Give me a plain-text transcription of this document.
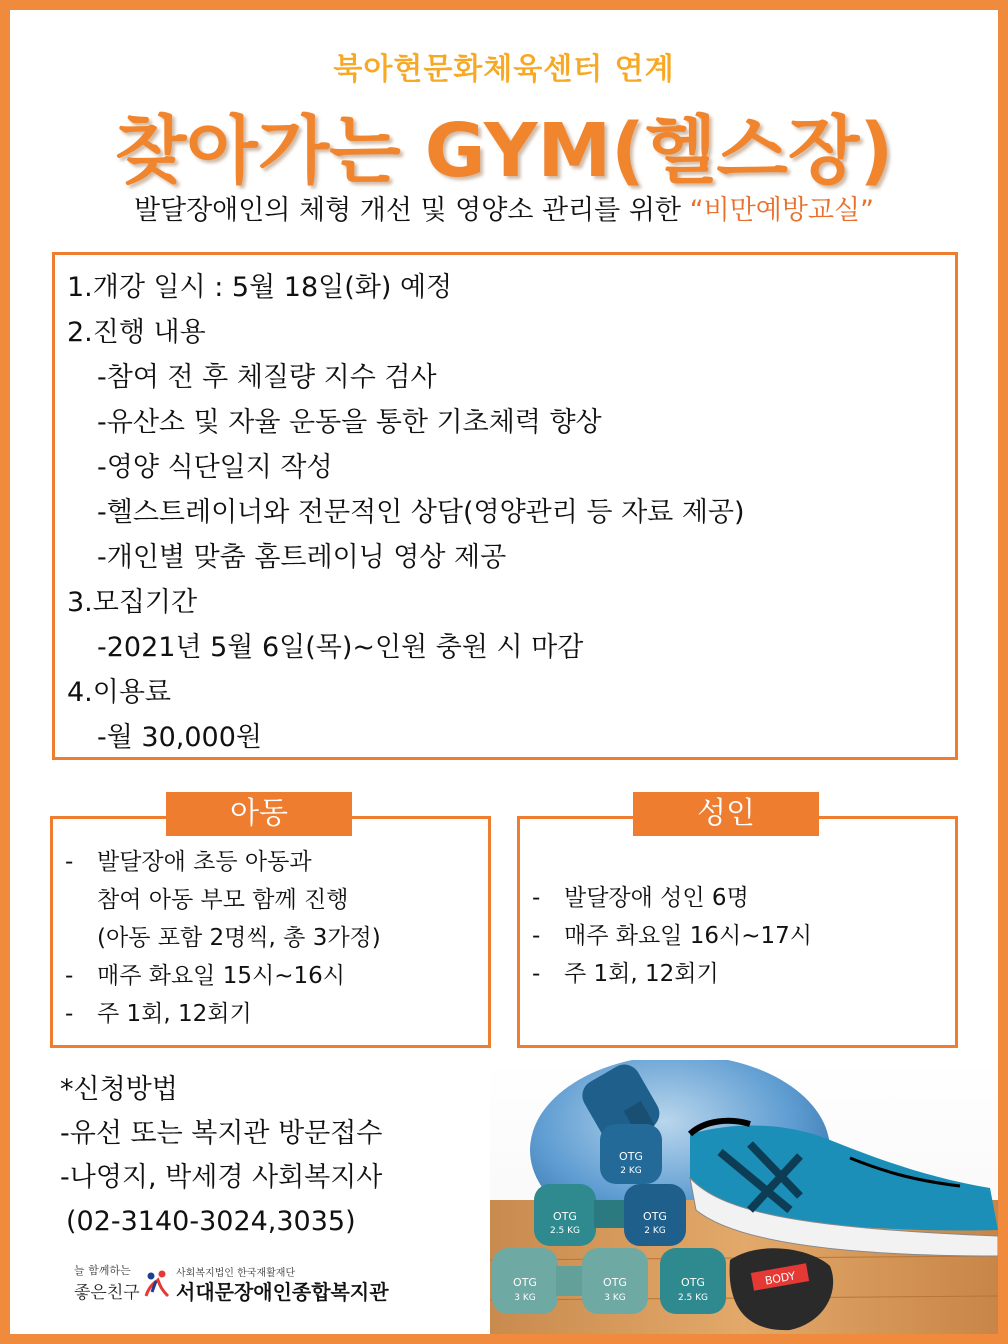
북아현문화체육센터 연계
찾아가는 GYM(헬스장)
발달장애인의 체형 개선 및 영양소 관리를 위한 “비만예방교실”
1.개강 일시 : 5월 18일(화) 예정
2.진행 내용
-참여 전 후 체질량 지수 검사
-유산소 및 자율 운동을 통한 기초체력 향상
-영양 식단일지 작성
-헬스트레이너와 전문적인 상담(영양관리 등 자료 제공)
-개인별 맞춤 홈트레이닝 영상 제공
3.모집기간
-2021년 5월 6일(목)~인원 충원 시 마감
4.이용료
-월 30,000원
- 발달장애 초등 아동과
참여 아동 부모 함께 진행
(아동 포함 2명씩, 총 3가정)
- 매주 화요일 15시~16시
- 주 1회, 12회기
아동
- 발달장애 성인 6명
- 매주 화요일 16시~17시
- 주 1회, 12회기
성인
*신청방법
-유선 또는 복지관 방문접수
-나영지, 박세경 사회복지사
(02-3140-3024,3035)
늘 함께하는
좋은친구
사회복지법인 한국재활재단
서대문장애인종합복지관
OTG
2 KG
OTG
2.5 KG
OTG
2 KG
OTG
3 KG
OTG
3 KG
OTG
2.5 KG
BODY
